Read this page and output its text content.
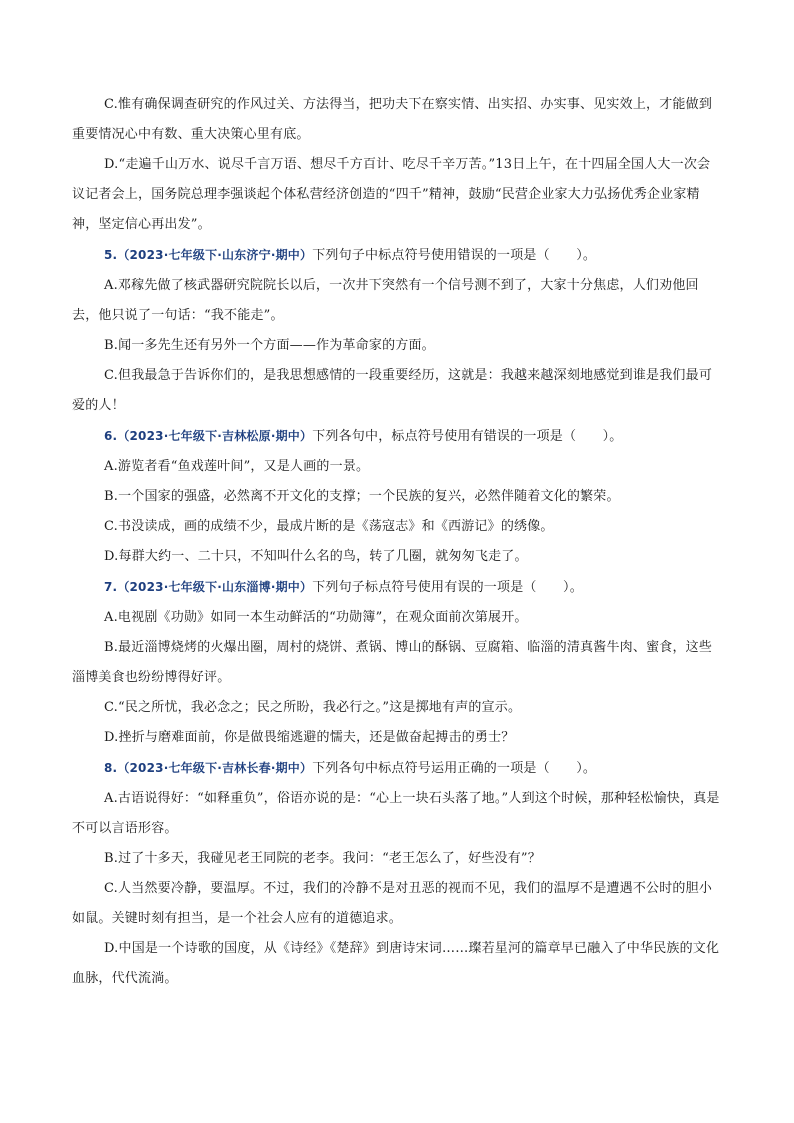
C.惟有确保调查研究的作风过关、方法得当，把功夫下在察实情、出实招、办实事、见实效上，才能做到重要情况心中有数、重大决策心里有底。

D.“走遍千山万水、说尽千言万语、想尽千方百计、吃尽千辛万苦。”13日上午，在十四届全国人大一次会议记者会上，国务院总理李强谈起个体私营经济创造的“四千”精神，鼓励“民营企业家大力弘扬优秀企业家精神，坚定信心再出发”。

5.（2023·七年级下·山东济宁·期中）下列句子中标点符号使用错误的一项是（　　）。

A.邓稼先做了核武器研究院院长以后，一次井下突然有一个信号测不到了，大家十分焦虑，人们劝他回去，他只说了一句话：“我不能走”。

B.闻一多先生还有另外一个方面——作为革命家的方面。

C.但我最急于告诉你们的，是我思想感情的一段重要经历，这就是：我越来越深刻地感觉到谁是我们最可爱的人！

6.（2023·七年级下·吉林松原·期中）下列各句中，标点符号使用有错误的一项是（　　）。

A.游览者看“鱼戏莲叶间”，又是人画的一景。

B.一个国家的强盛，必然离不开文化的支撑；一个民族的复兴，必然伴随着文化的繁荣。

C.书没读成，画的成绩不少，最成片断的是《荡寇志》和《西游记》的绣像。

D.每群大约一、二十只，不知叫什么名的鸟，转了几圈，就匆匆飞走了。

7.（2023·七年级下·山东淄博·期中）下列句子标点符号使用有误的一项是（　　）。

A.电视剧《功勋》如同一本生动鲜活的“功勋簿”，在观众面前次第展开。

B.最近淄博烧烤的火爆出圈，周村的烧饼、煮锅、博山的酥锅、豆腐箱、临淄的清真酱牛肉、蜜食，这些淄博美食也纷纷博得好评。

C.“民之所忧，我必念之；民之所盼，我必行之。”这是掷地有声的宣示。

D.挫折与磨难面前，你是做畏缩逃避的懦夫，还是做奋起搏击的勇士？

8.（2023·七年级下·吉林长春·期中）下列各句中标点符号运用正确的一项是（　　）。

A.古语说得好：“如释重负”，俗语亦说的是：“心上一块石头落了地。”人到这个时候，那种轻松愉快，真是不可以言语形容。

B.过了十多天，我碰见老王同院的老李。我问：“老王怎么了，好些没有”？

C.人当然要冷静，要温厚。不过，我们的冷静不是对丑恶的视而不见，我们的温厚不是遭遇不公时的胆小如鼠。关键时刻有担当，是一个社会人应有的道德追求。

D.中国是一个诗歌的国度，从《诗经》《楚辞》到唐诗宋词……璨若星河的篇章早已融入了中华民族的文化血脉，代代流淌。
